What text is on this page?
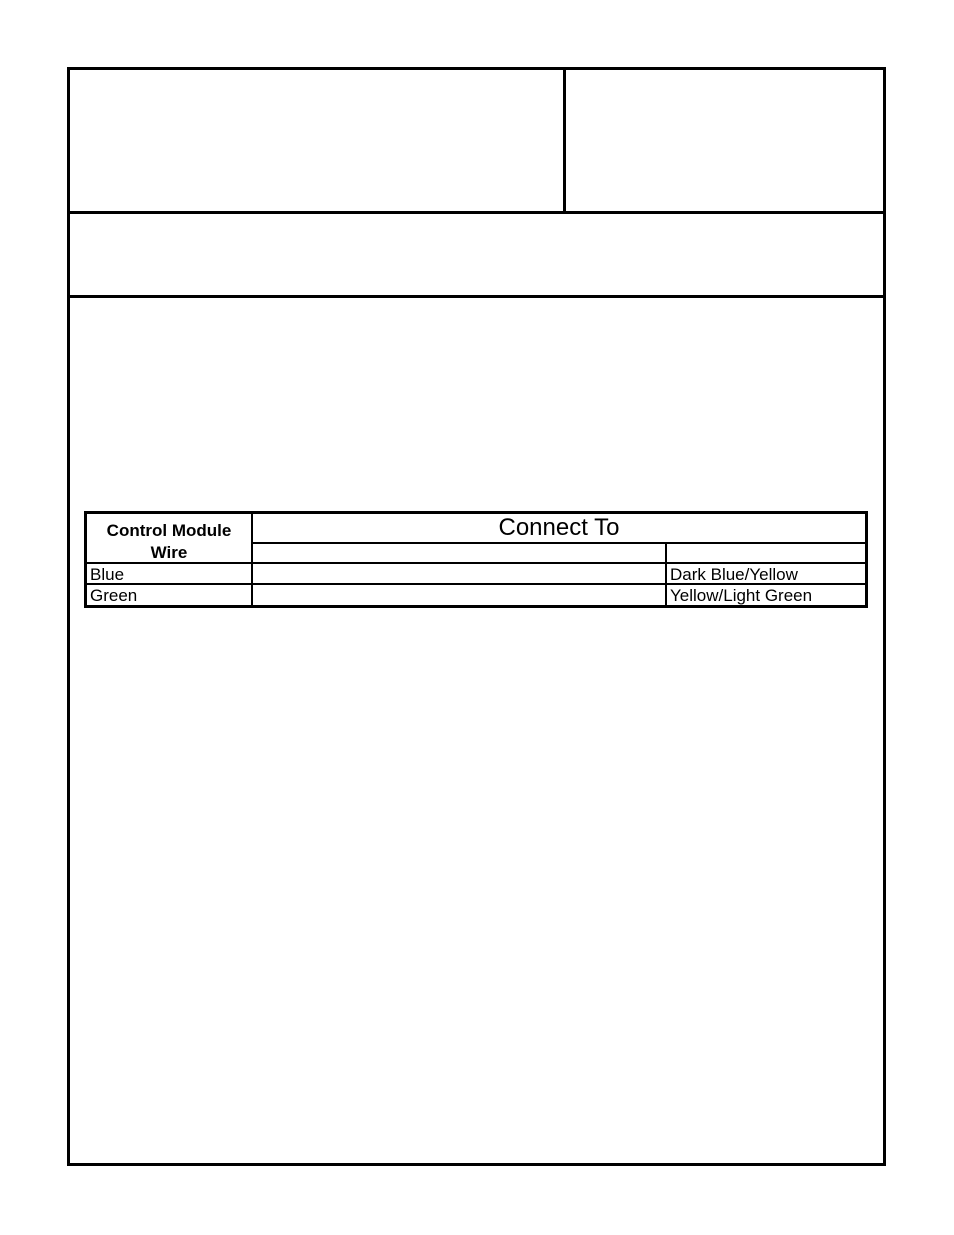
Control Module Wire
Connect To
Blue	Dark Blue/Yellow
Green	Yellow/Light Green
